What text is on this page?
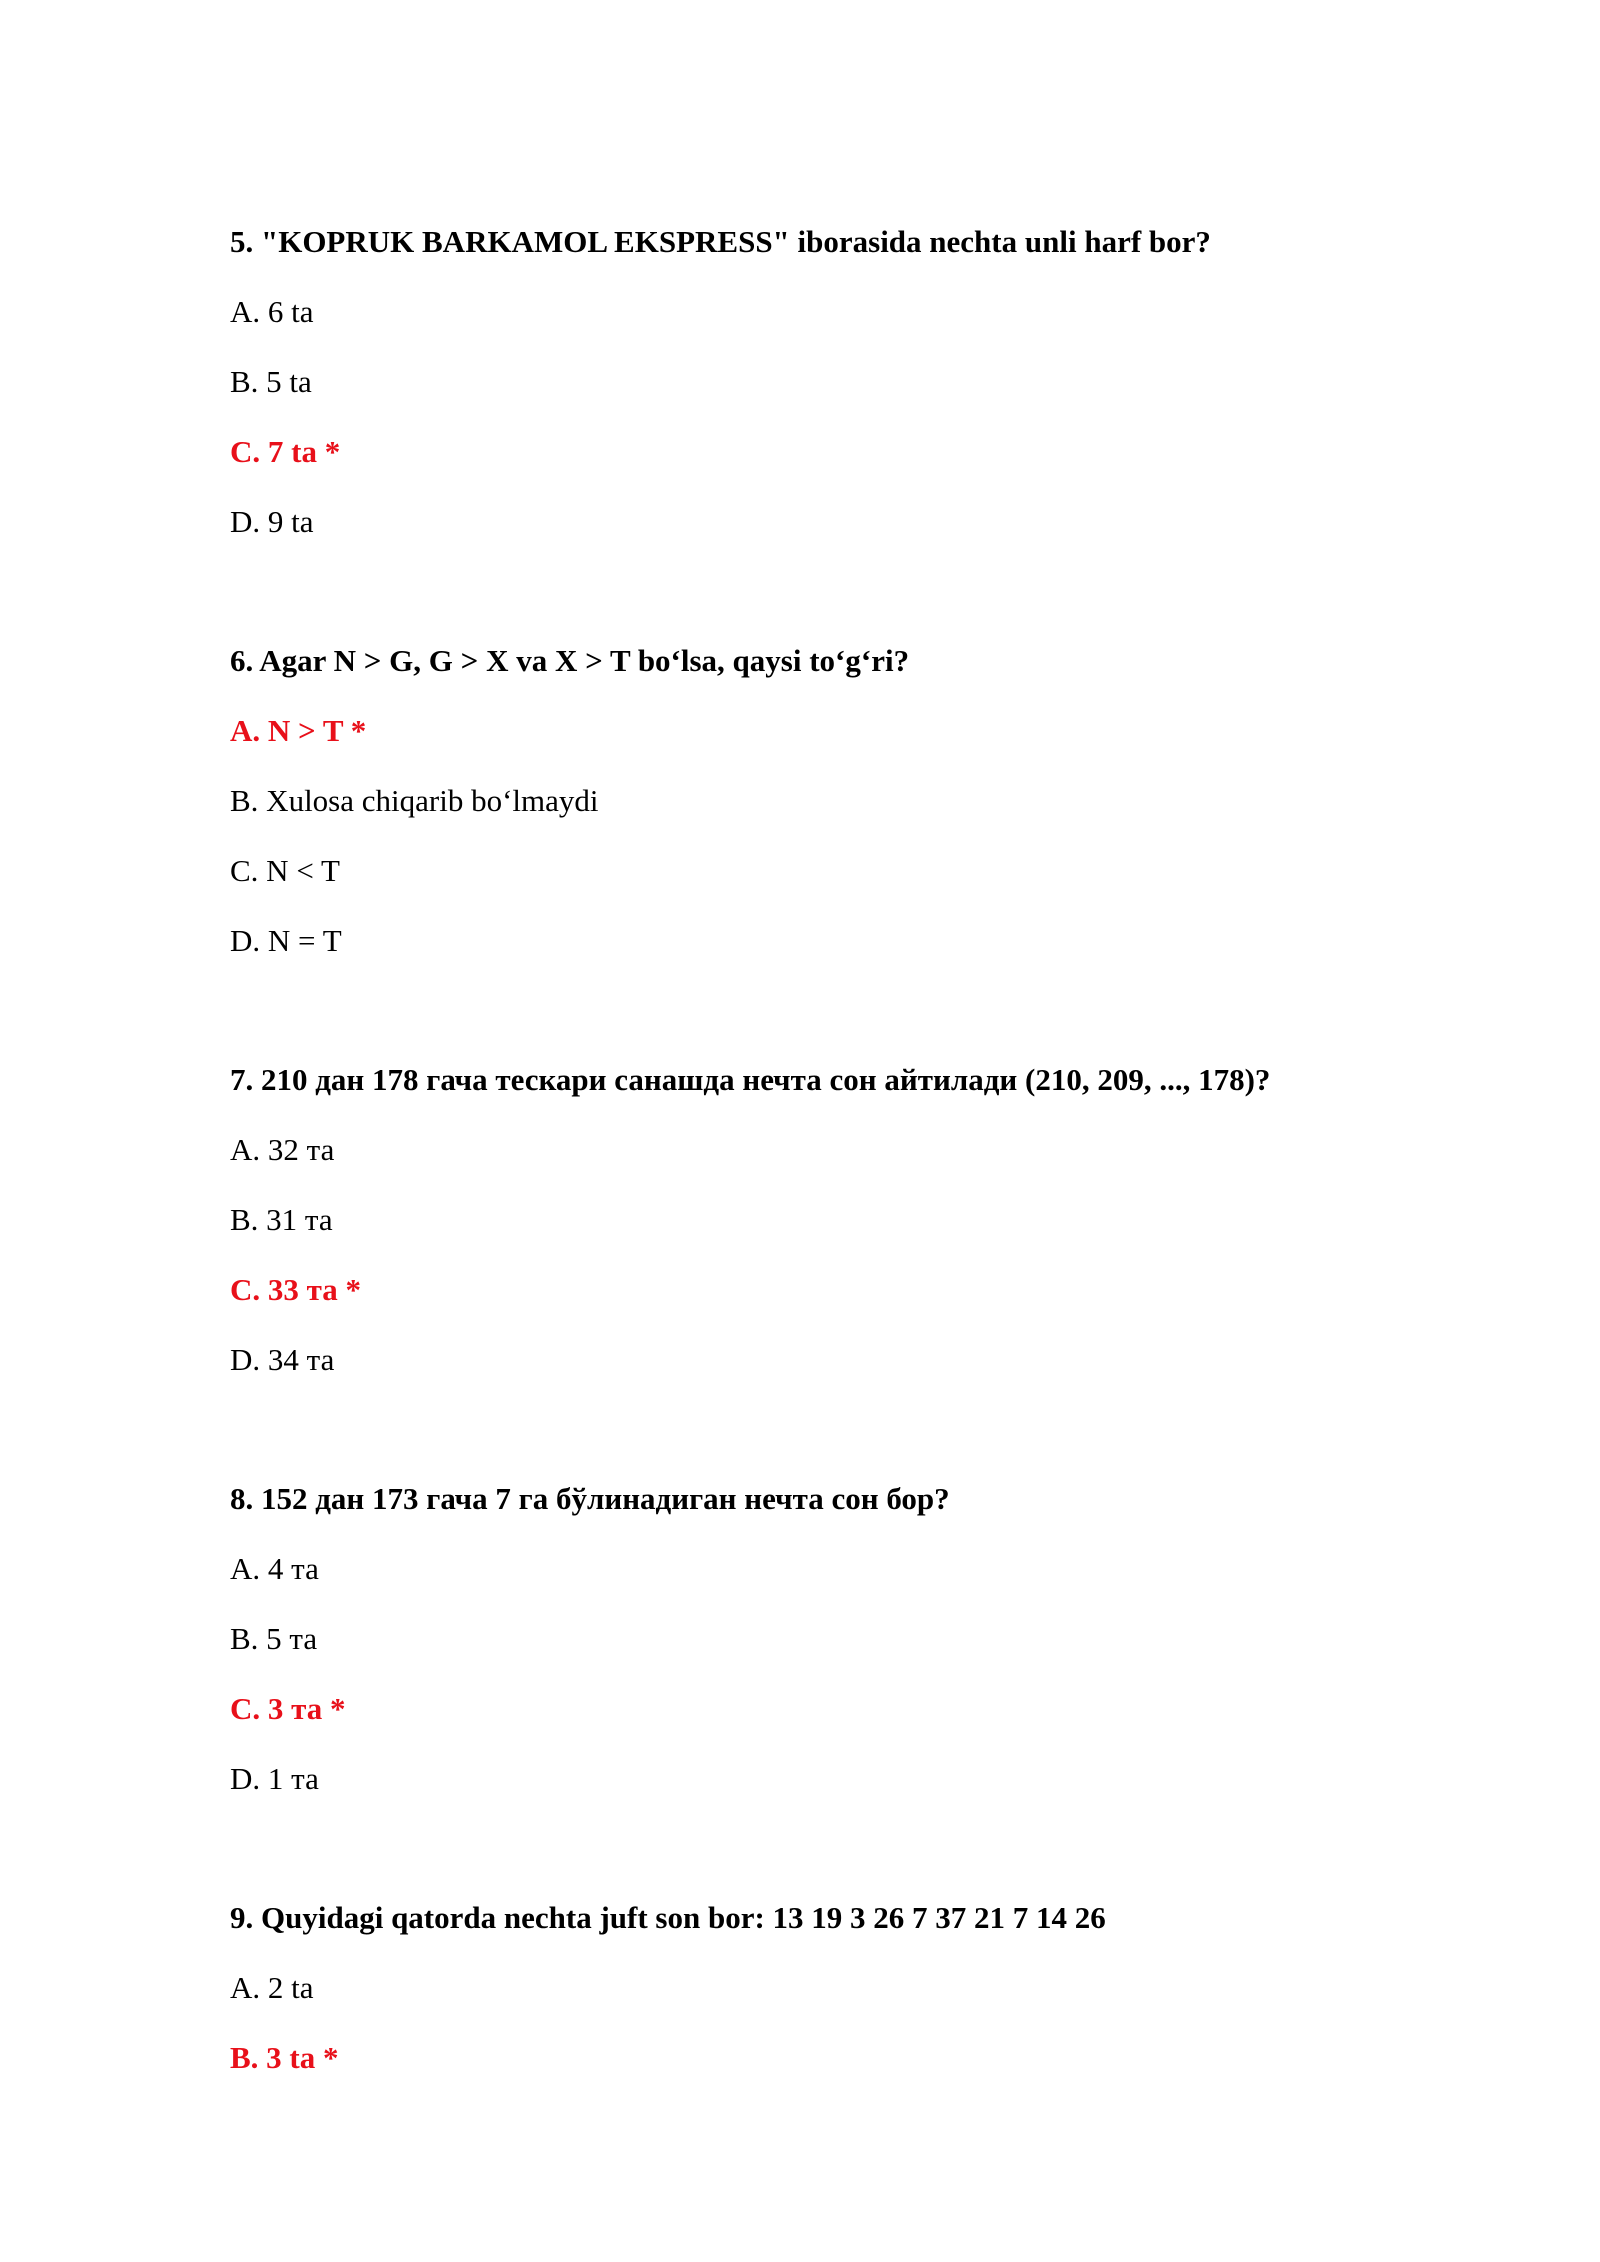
5. "KOPRUK BARKAMOL EKSPRESS" iborasida nechta unli harf bor?
A. 6 ta
B. 5 ta
C. 7 ta *
D. 9 ta
6. Agar N > G, G > X va X > T bo‘lsa, qaysi to‘g‘ri?
A. N > T *
B. Xulosa chiqarib bo‘lmaydi
C. N < T
D. N = T
7. 210 дан 178 гача тескари санашда нечта сон айтилади (210, 209, ..., 178)?
A. 32 та
B. 31 та
C. 33 та *
D. 34 та
8. 152 дан 173 гача 7 га бўлинадиган нечта сон бор?
A. 4 та
B. 5 та
C. 3 та *
D. 1 та
9. Quyidagi qatorda nechta juft son bor: 13 19 3 26 7 37 21 7 14 26
A. 2 ta
B. 3 ta *
